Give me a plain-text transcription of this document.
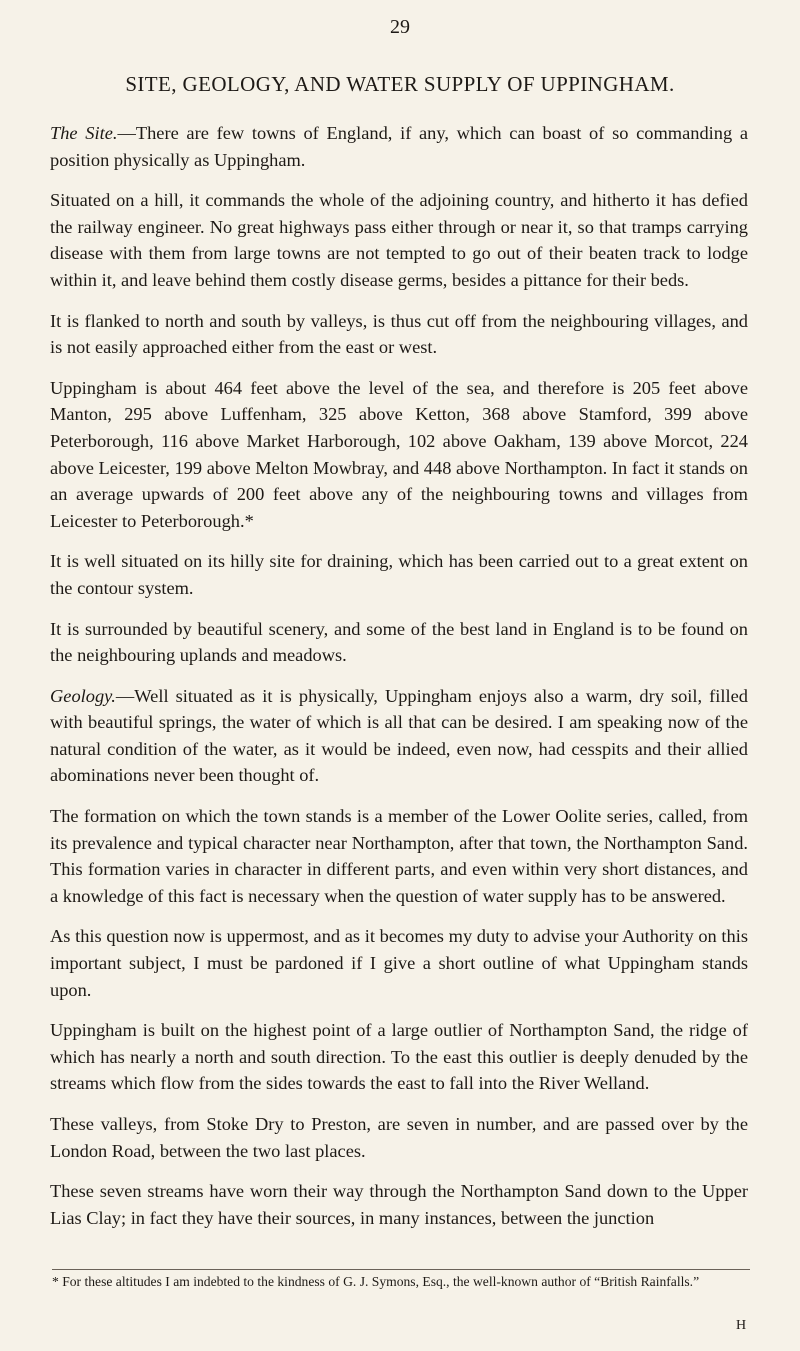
29
SITE, GEOLOGY, AND WATER SUPPLY OF UPPINGHAM.

The Site.—There are few towns of England, if any, which can boast of so commanding a position physically as Uppingham.

Situated on a hill, it commands the whole of the adjoining country, and hitherto it has defied the railway engineer. No great highways pass either through or near it, so that tramps carrying disease with them from large towns are not tempted to go out of their beaten track to lodge within it, and leave behind them costly disease germs, besides a pittance for their beds.

It is flanked to north and south by valleys, is thus cut off from the neighbouring villages, and is not easily approached either from the east or west.

Uppingham is about 464 feet above the level of the sea, and therefore is 205 feet above Manton, 295 above Luffenham, 325 above Ketton, 368 above Stamford, 399 above Peterborough, 116 above Market Harborough, 102 above Oakham, 139 above Morcot, 224 above Leicester, 199 above Melton Mowbray, and 448 above Northampton. In fact it stands on an average upwards of 200 feet above any of the neighbouring towns and villages from Leicester to Peterborough.*

It is well situated on its hilly site for draining, which has been carried out to a great extent on the contour system.

It is surrounded by beautiful scenery, and some of the best land in England is to be found on the neighbouring uplands and meadows.

Geology.—Well situated as it is physically, Uppingham enjoys also a warm, dry soil, filled with beautiful springs, the water of which is all that can be desired. I am speaking now of the natural condition of the water, as it would be indeed, even now, had cesspits and their allied abominations never been thought of.

The formation on which the town stands is a member of the Lower Oolite series, called, from its prevalence and typical character near Northampton, after that town, the Northampton Sand. This formation varies in character in different parts, and even within very short distances, and a knowledge of this fact is necessary when the question of water supply has to be answered.

As this question now is uppermost, and as it becomes my duty to advise your Authority on this important subject, I must be pardoned if I give a short outline of what Uppingham stands upon.

Uppingham is built on the highest point of a large outlier of Northampton Sand, the ridge of which has nearly a north and south direction. To the east this outlier is deeply denuded by the streams which flow from the sides towards the east to fall into the River Welland.

These valleys, from Stoke Dry to Preston, are seven in number, and are passed over by the London Road, between the two last places.

These seven streams have worn their way through the Northampton Sand down to the Upper Lias Clay; in fact they have their sources, in many instances, between the junction

* For these altitudes I am indebted to the kindness of G. J. Symons, Esq., the well-known author of “British Rainfalls.”
H
